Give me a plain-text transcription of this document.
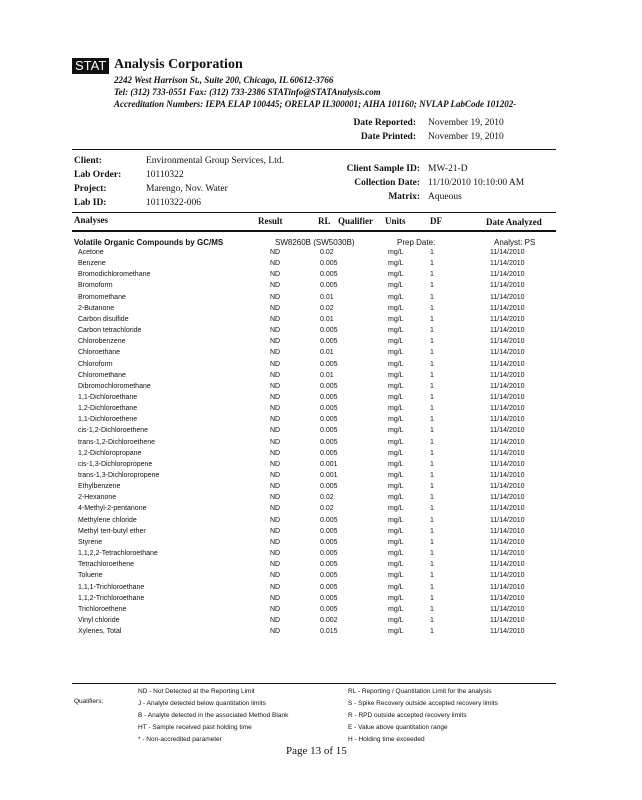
STAT Analysis Corporation
2242 West Harrison St., Suite 200, Chicago, IL 60612-3766
Tel: (312) 733-0551 Fax: (312) 733-2386 STATinfo@STATAnalysis.com
Accreditation Numbers: IEPA ELAP 100445; ORELAP IL300001; AIHA 101160; NVLAP LabCode 101202-
Date Reported: November 19, 2010
Date Printed: November 19, 2010
Client:	Environmental Group Services, Ltd.
Lab Order:	10110322
Project:	Marengo, Nov. Water
Lab ID:	10110322-006
Client Sample ID: MW-21-D
Collection Date: 11/10/2010 10:10:00 AM
Matrix: Aqueous
Analyses	Result	RL Qualifier Units	DF	Date Analyzed
Volatile Organic Compounds by GC/MS	SW8260B (SW5030B)	Prep Date:	Analyst: PS
Acetone	ND	0.02	mg/L	1	11/14/2010
Benzene	ND	0.005	mg/L	1	11/14/2010
Bromodichloromethane	ND	0.005	mg/L	1	11/14/2010
Bromoform	ND	0.005	mg/L	1	11/14/2010
Bromomethane	ND	0.01	mg/L	1	11/14/2010
2-Butanone	ND	0.02	mg/L	1	11/14/2010
Carbon disulfide	ND	0.01	mg/L	1	11/14/2010
Carbon tetrachloride	ND	0.005	mg/L	1	11/14/2010
Chlorobenzene	ND	0.005	mg/L	1	11/14/2010
Chloroethane	ND	0.01	mg/L	1	11/14/2010
Chloroform	ND	0.005	mg/L	1	11/14/2010
Chloromethane	ND	0.01	mg/L	1	11/14/2010
Dibromochloromethane	ND	0.005	mg/L	1	11/14/2010
1,1-Dichloroethane	ND	0.005	mg/L	1	11/14/2010
1,2-Dichloroethane	ND	0.005	mg/L	1	11/14/2010
1,1-Dichloroethene	ND	0.005	mg/L	1	11/14/2010
cis-1,2-Dichloroethene	ND	0.005	mg/L	1	11/14/2010
trans-1,2-Dichloroethene	ND	0.005	mg/L	1	11/14/2010
1,2-Dichloropropane	ND	0.005	mg/L	1	11/14/2010
cis-1,3-Dichloropropene	ND	0.001	mg/L	1	11/14/2010
trans-1,3-Dichloropropene	ND	0.001	mg/L	1	11/14/2010
Ethylbenzene	ND	0.005	mg/L	1	11/14/2010
2-Hexanone	ND	0.02	mg/L	1	11/14/2010
4-Methyl-2-pentanone	ND	0.02	mg/L	1	11/14/2010
Methylene chloride	ND	0.005	mg/L	1	11/14/2010
Methyl tert-butyl ether	ND	0.005	mg/L	1	11/14/2010
Styrene	ND	0.005	mg/L	1	11/14/2010
1,1,2,2-Tetrachloroethane	ND	0.005	mg/L	1	11/14/2010
Tetrachloroethene	ND	0.005	mg/L	1	11/14/2010
Toluene	ND	0.005	mg/L	1	11/14/2010
1,1,1-Trichloroethane	ND	0.005	mg/L	1	11/14/2010
1,1,2-Trichloroethane	ND	0.005	mg/L	1	11/14/2010
Trichloroethene	ND	0.005	mg/L	1	11/14/2010
Vinyl chloride	ND	0.002	mg/L	1	11/14/2010
Xylenes, Total	ND	0.015	mg/L	1	11/14/2010
Qualifiers:
ND - Not Detected at the Reporting Limit
J - Analyte detected below quantitation limits
B - Analyte detected in the associated Method Blank
HT - Sample received past holding time
* - Non-accredited parameter
RL - Reporting / Quantitation Limit for the analysis
S - Spike Recovery outside accepted recovery limits
R - RPD outside accepted recovery limits
E - Value above quantitation range
H - Holding time exceeded
Page 13 of 15
